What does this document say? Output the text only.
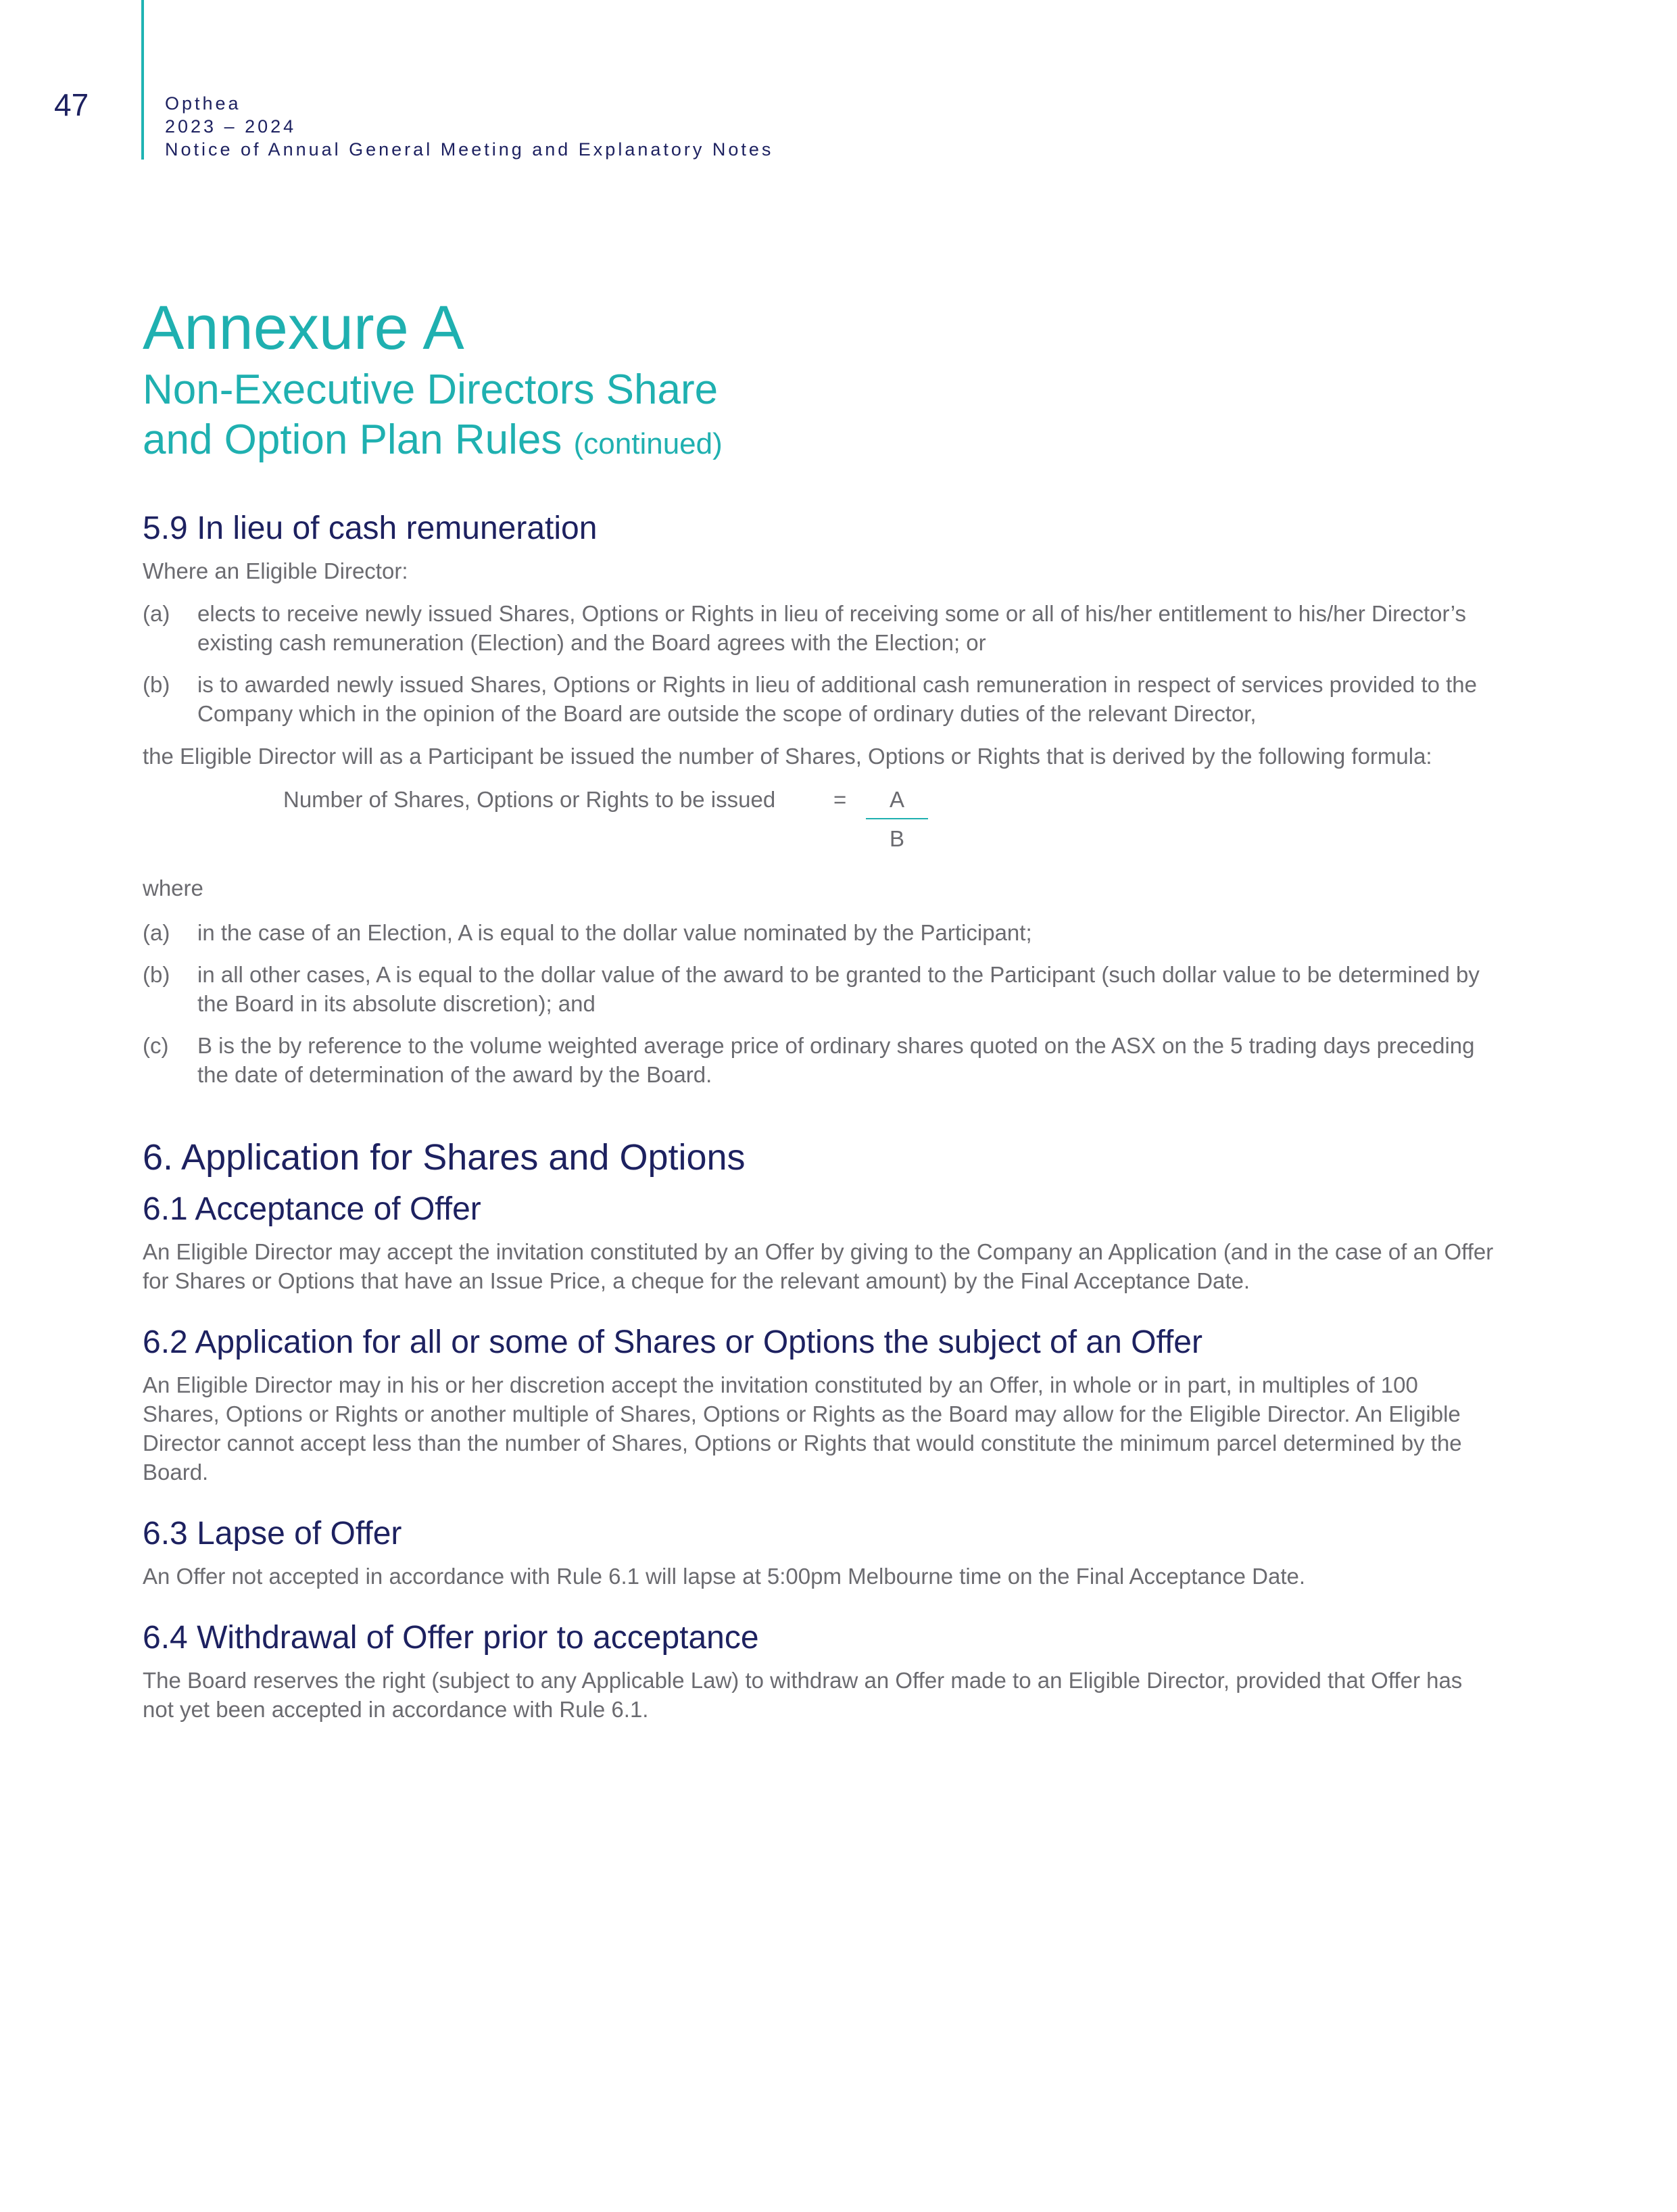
47	Opthea
2023 – 2024
Notice of Annual General Meeting and Explanatory Notes
Annexure A
Non-Executive Directors Share
and Option Plan Rules (continued)
5.9 In lieu of cash remuneration

Where an Eligible Director:

(a) elects to receive newly issued Shares, Options or Rights in lieu of receiving some or all of his/her entitlement to his/her Director’s existing cash remuneration (Election) and the Board agrees with the Election; or
(b) is to awarded newly issued Shares, Options or Rights in lieu of additional cash remuneration in respect of services provided to the Company which in the opinion of the Board are outside the scope of ordinary duties of the relevant Director,

the Eligible Director will as a Participant be issued the number of Shares, Options or Rights that is derived by the following formula:

Number of Shares, Options or Rights to be issued	=	A
B

where

(a) in the case of an Election, A is equal to the dollar value nominated by the Participant;
(b) in all other cases, A is equal to the dollar value of the award to be granted to the Participant (such dollar value to be determined by the Board in its absolute discretion); and
(c) B is the by reference to the volume weighted average price of ordinary shares quoted on the ASX on the 5 trading days preceding the date of determination of the award by the Board.
6. Application for Shares and Options
6.1 Acceptance of Offer

An Eligible Director may accept the invitation constituted by an Offer by giving to the Company an Application (and in the case of an Offer for Shares or Options that have an Issue Price, a cheque for the relevant amount) by the Final Acceptance Date.

6.2 Application for all or some of Shares or Options the subject of an Offer

An Eligible Director may in his or her discretion accept the invitation constituted by an Offer, in whole or in part, in multiples of 100 Shares, Options or Rights or another multiple of Shares, Options or Rights as the Board may allow for the Eligible Director. An Eligible Director cannot accept less than the number of Shares, Options or Rights that would constitute the minimum parcel determined by the Board.

6.3 Lapse of Offer

An Offer not accepted in accordance with Rule 6.1 will lapse at 5:00pm Melbourne time on the Final Acceptance Date.

6.4 Withdrawal of Offer prior to acceptance

The Board reserves the right (subject to any Applicable Law) to withdraw an Offer made to an Eligible Director, provided that Offer has not yet been accepted in accordance with Rule 6.1.
